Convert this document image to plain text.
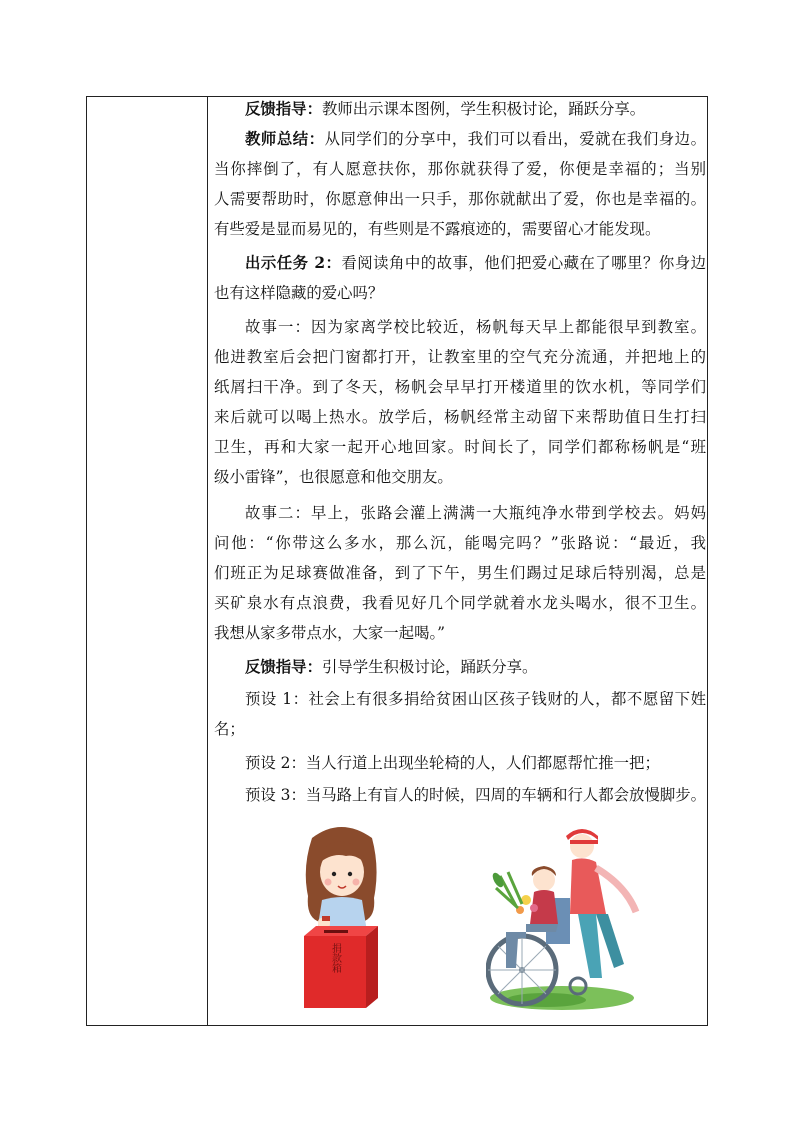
反馈指导：教师出示课本图例，学生积极讨论，踊跃分享。
教师总结：从同学们的分享中，我们可以看出，爱就在我们身边。
当你摔倒了，有人愿意扶你，那你就获得了爱，你便是幸福的；当别
人需要帮助时，你愿意伸出一只手，那你就献出了爱，你也是幸福的。
有些爱是显而易见的，有些则是不露痕迹的，需要留心才能发现。
出示任务 2：看阅读角中的故事，他们把爱心藏在了哪里？你身边
也有这样隐藏的爱心吗？
故事一：因为家离学校比较近，杨帆每天早上都能很早到教室。
他进教室后会把门窗都打开，让教室里的空气充分流通，并把地上的
纸屑扫干净。到了冬天，杨帆会早早打开楼道里的饮水机，等同学们
来后就可以喝上热水。放学后，杨帆经常主动留下来帮助值日生打扫
卫生，再和大家一起开心地回家。时间长了，同学们都称杨帆是“班
级小雷锋”，也很愿意和他交朋友。
故事二：早上，张路会灌上满满一大瓶纯净水带到学校去。妈妈
问他：“你带这么多水，那么沉，能喝完吗？”张路说：“最近，我
们班正为足球赛做准备，到了下午，男生们踢过足球后特别渴，总是
买矿泉水有点浪费，我看见好几个同学就着水龙头喝水，很不卫生。
我想从家多带点水，大家一起喝。”
反馈指导：引导学生积极讨论，踊跃分享。
预设 1：社会上有很多捐给贫困山区孩子钱财的人，都不愿留下姓
名；
预设 2：当人行道上出现坐轮椅的人，人们都愿帮忙推一把；
预设 3：当马路上有盲人的时候，四周的车辆和行人都会放慢脚步。
捐款箱
